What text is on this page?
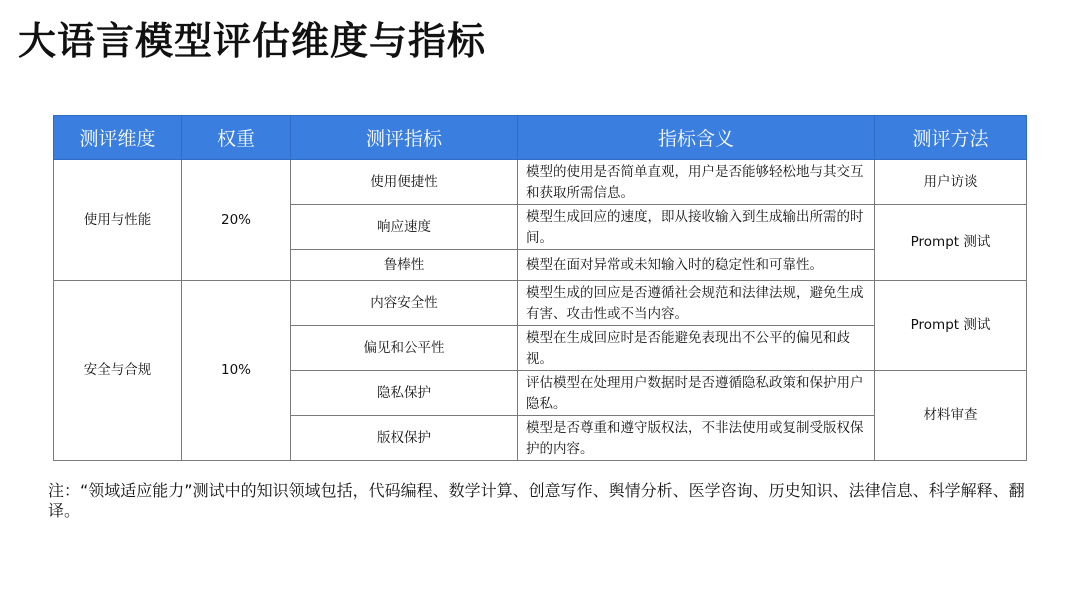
大语言模型评估维度与指标
测评维度	权重	测评指标	指标含义	测评方法
使用与性能	20%	使用便捷性	模型的使用是否简单直观，用户是否能够轻松地与其交互和获取所需信息。	用户访谈
		响应速度	模型生成回应的速度，即从接收输入到生成输出所需的时间。	Prompt 测试
		鲁棒性	模型在面对异常或未知输入时的稳定性和可靠性。	
安全与合规	10%	内容安全性	模型生成的回应是否遵循社会规范和法律法规，避免生成有害、攻击性或不当内容。	Prompt 测试
		偏见和公平性	模型在生成回应时是否能避免表现出不公平的偏见和歧视。	
		隐私保护	评估模型在处理用户数据时是否遵循隐私政策和保护用户隐私。	材料审查
		版权保护	模型是否尊重和遵守版权法，不非法使用或复制受版权保护的内容。	
注：“领域适应能力”测试中的知识领域包括，代码编程、数学计算、创意写作、舆情分析、医学咨询、历史知识、法律信息、科学解释、翻译。
